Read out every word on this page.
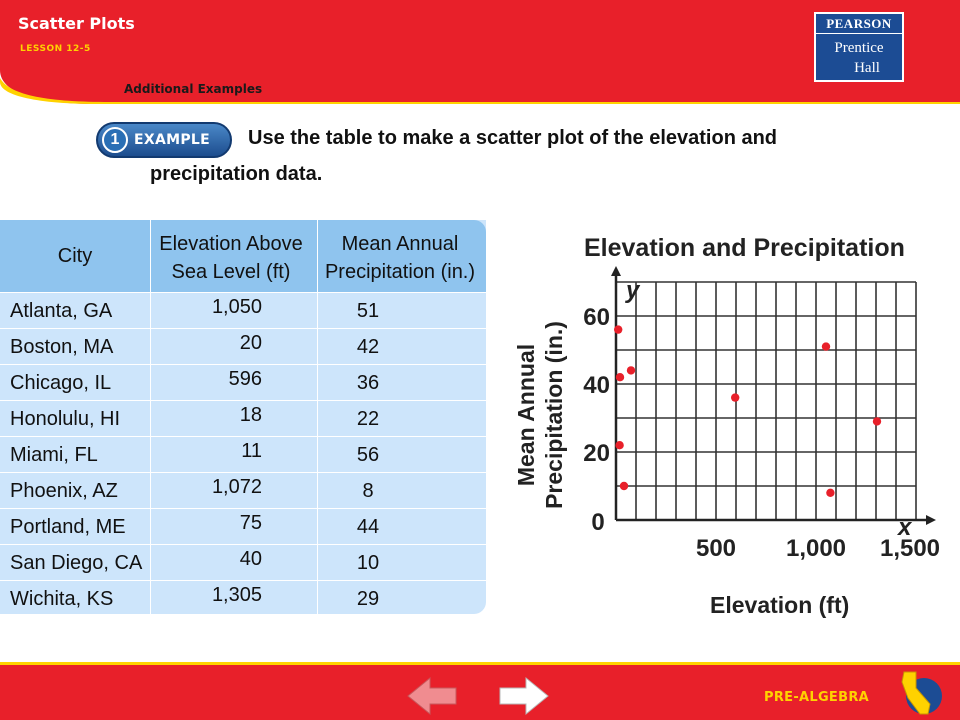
Scatter Plots
LESSON 12-5
Additional Examples
PEARSON
Prentice
Hall
1	EXAMPLE Use the table to make a scatter plot of the elevation and
precipitation data.
City
Elevation Above
Sea Level (ft)
Mean Annual
Precipitation (in.)
Atlanta, GA	1,050	51
Boston, MA	20	42
Chicago, IL	596	36
Honolulu, HI	18	22
Miami, FL	11	56
Phoenix, AZ	1,072	8
Portland, ME	75	44
San Diego, CA	40	10
Wichita, KS	1,305	29
Elevation and Precipitation
0
500 1,000 1,500
20
40
60
Elevation (ft)
Mean Annual Precipitation (in.)
x
y
PRE-ALGEBRA
